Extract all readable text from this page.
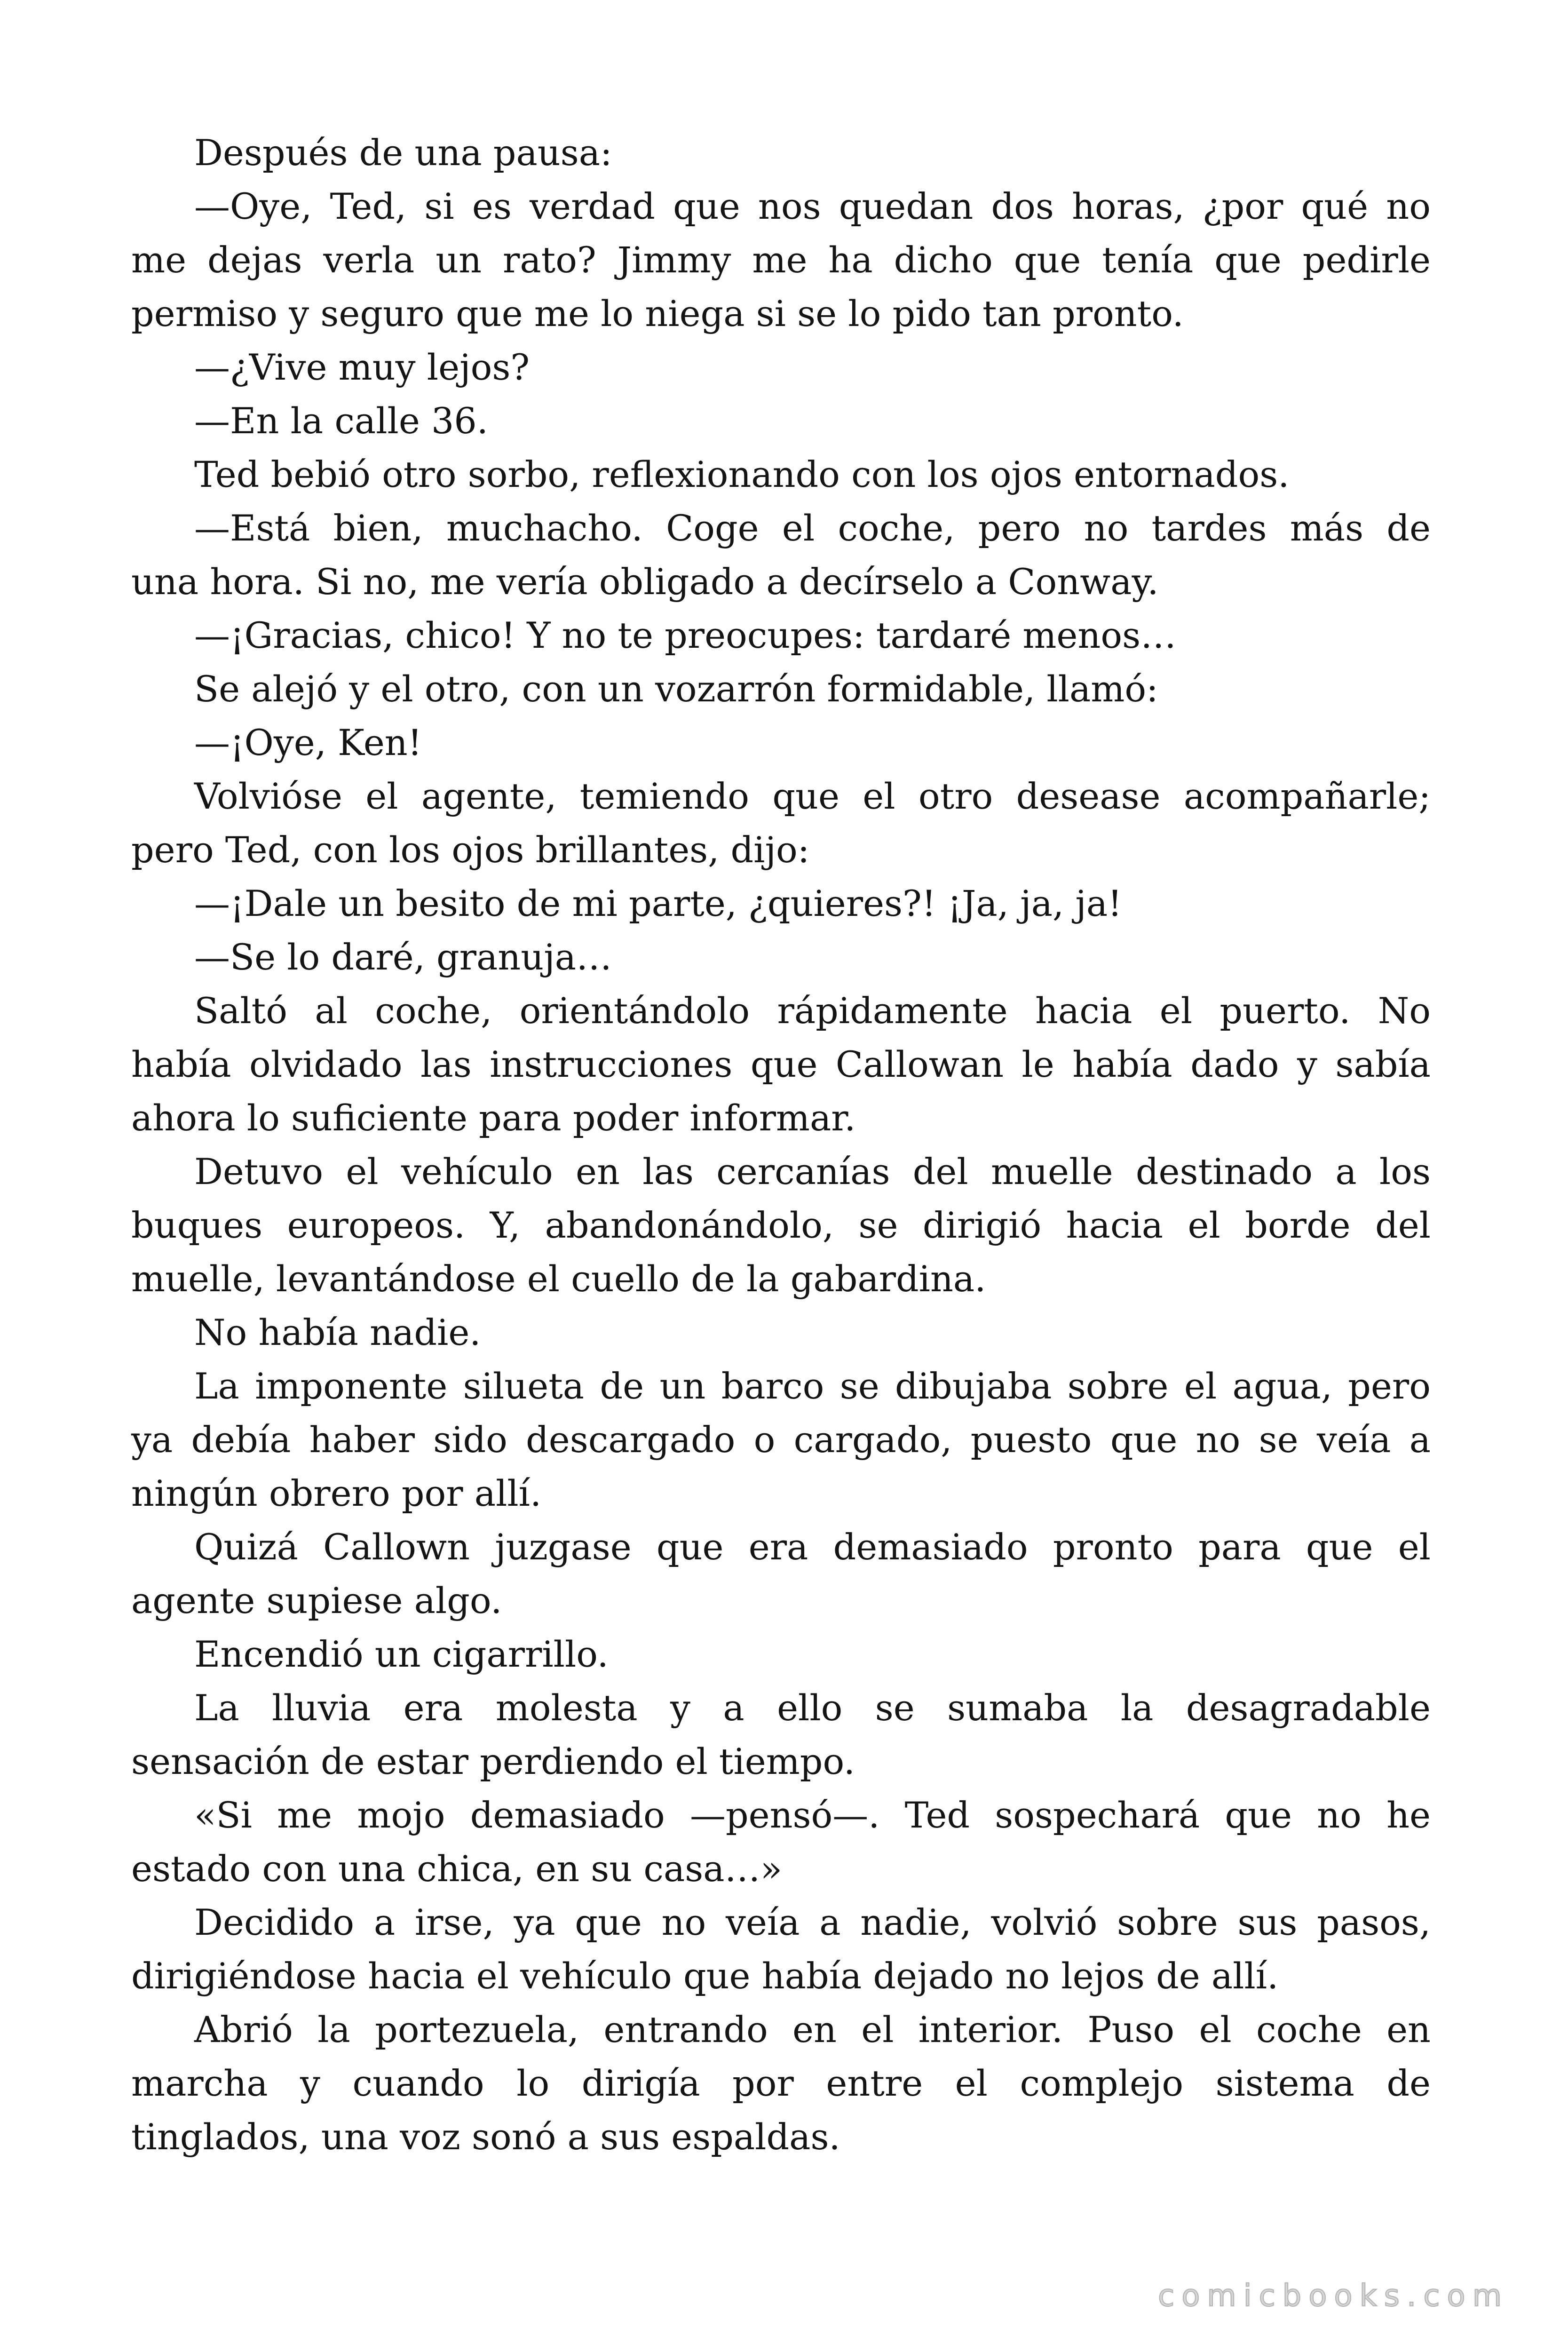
Después de una pausa:
—Oye, Ted, si es verdad que nos quedan dos horas, ¿por qué no
me dejas verla un rato? Jimmy me ha dicho que tenía que pedirle
permiso y seguro que me lo niega si se lo pido tan pronto.
—¿Vive muy lejos?
—En la calle 36.
Ted bebió otro sorbo, reflexionando con los ojos entornados.
—Está bien, muchacho. Coge el coche, pero no tardes más de
una hora. Si no, me vería obligado a decírselo a Conway.
—¡Gracias, chico! Y no te preocupes: tardaré menos…
Se alejó y el otro, con un vozarrón formidable, llamó:
—¡Oye, Ken!
Volvióse el agente, temiendo que el otro desease acompañarle;
pero Ted, con los ojos brillantes, dijo:
—¡Dale un besito de mi parte, ¿quieres?! ¡Ja, ja, ja!
—Se lo daré, granuja…
Saltó al coche, orientándolo rápidamente hacia el puerto. No
había olvidado las instrucciones que Callowan le había dado y sabía
ahora lo suficiente para poder informar.
Detuvo el vehículo en las cercanías del muelle destinado a los
buques europeos. Y, abandonándolo, se dirigió hacia el borde del
muelle, levantándose el cuello de la gabardina.
No había nadie.
La imponente silueta de un barco se dibujaba sobre el agua, pero
ya debía haber sido descargado o cargado, puesto que no se veía a
ningún obrero por allí.
Quizá Callown juzgase que era demasiado pronto para que el
agente supiese algo.
Encendió un cigarrillo.
La lluvia era molesta y a ello se sumaba la desagradable
sensación de estar perdiendo el tiempo.
«Si me mojo demasiado —pensó—. Ted sospechará que no he
estado con una chica, en su casa…»
Decidido a irse, ya que no veía a nadie, volvió sobre sus pasos,
dirigiéndose hacia el vehículo que había dejado no lejos de allí.
Abrió la portezuela, entrando en el interior. Puso el coche en
marcha y cuando lo dirigía por entre el complejo sistema de
tinglados, una voz sonó a sus espaldas.
comicbooks.com
